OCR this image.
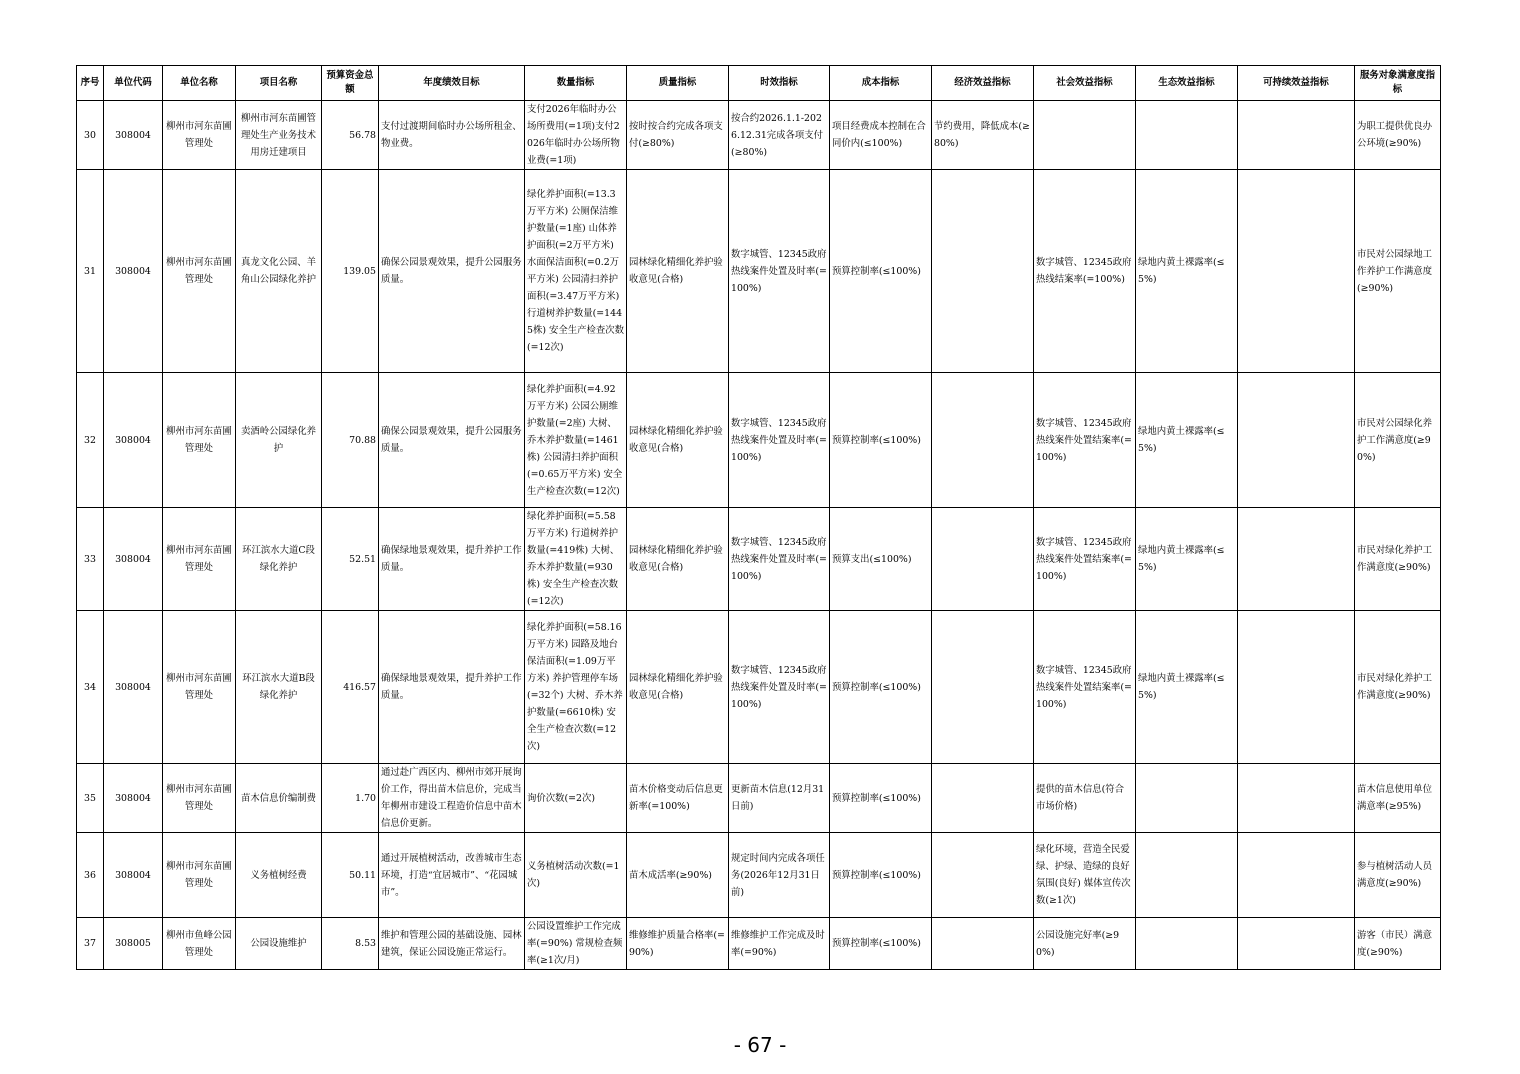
序号	单位代码	单位名称	项目名称	预算资金总额	年度绩效目标	数量指标	质量指标	时效指标	成本指标	经济效益指标	社会效益指标	生态效益指标	可持续效益指标	服务对象满意度指标
30	308004	柳州市河东苗圃管理处	柳州市河东苗圃管理处生产业务技术用房迁建项目	56.78	支付过渡期间临时办公场所租金、物业费。	支付2026年临时办公场所费用(=1项)支付2026年临时办公场所物业费(=1项)	按时按合约完成各项支付(≥80%)	按合约2026.1.1-2026.12.31完成各项支付(≥80%)	项目经费成本控制在合同价内(≤100%)	节约费用，降低成本(≥80%)				为职工提供优良办公环境(≥90%)
31	308004	柳州市河东苗圃管理处	真龙文化公园、羊角山公园绿化养护	139.05	确保公园景观效果，提升公园服务质量。	绿化养护面积(=13.3万平方米) 公厕保洁维护数量(=1座) 山体养护面积(=2万平方米) 水面保洁面积(=0.2万平方米) 公园清扫养护面积(=3.47万平方米) 行道树养护数量(=1445株) 安全生产检查次数(=12次)	园林绿化精细化养护验收意见(合格)	数字城管、12345政府热线案件处置及时率(=100%)	预算控制率(≤100%)		数字城管、12345政府热线结案率(=100%)	绿地内黄土裸露率(≤5%)		市民对公园绿地工作养护工作满意度(≥90%)
32	308004	柳州市河东苗圃管理处	卖酒岭公园绿化养护	70.88	确保公园景观效果，提升公园服务质量。	绿化养护面积(=4.92万平方米) 公园公厕维护数量(=2座) 大树、乔木养护数量(=1461株) 公园清扫养护面积(=0.65万平方米) 安全生产检查次数(=12次)	园林绿化精细化养护验收意见(合格)	数字城管、12345政府热线案件处置及时率(=100%)	预算控制率(≤100%)		数字城管、12345政府热线案件处置结案率(=100%)	绿地内黄土裸露率(≤5%)		市民对公园绿化养护工作满意度(≥90%)
33	308004	柳州市河东苗圃管理处	环江滨水大道C段绿化养护	52.51	确保绿地景观效果，提升养护工作质量。	绿化养护面积(=5.58万平方米) 行道树养护数量(=419株) 大树、乔木养护数量(=930株) 安全生产检查次数(=12次)	园林绿化精细化养护验收意见(合格)	数字城管、12345政府热线案件处置及时率(=100%)	预算支出(≤100%)		数字城管、12345政府热线案件处置结案率(=100%)	绿地内黄土裸露率(≤5%)		市民对绿化养护工作满意度(≥90%)
34	308004	柳州市河东苗圃管理处	环江滨水大道B段绿化养护	416.57	确保绿地景观效果，提升养护工作质量。	绿化养护面积(=58.16万平方米) 园路及地台保洁面积(=1.09万平方米) 养护管理停车场(=32个) 大树、乔木养护数量(=6610株) 安全生产检查次数(=12次)	园林绿化精细化养护验收意见(合格)	数字城管、12345政府热线案件处置及时率(=100%)	预算控制率(≤100%)		数字城管、12345政府热线案件处置结案率(=100%)	绿地内黄土裸露率(≤5%)		市民对绿化养护工作满意度(≥90%)
35	308004	柳州市河东苗圃管理处	苗木信息价编制费	1.70	通过赴广西区内、柳州市郊开展询价工作，得出苗木信息价，完成当年柳州市建设工程造价信息中苗木信息价更新。	询价次数(=2次)	苗木价格变动后信息更新率(=100%)	更新苗木信息(12月31日前)	预算控制率(≤100%)		提供的苗木信息(符合市场价格)			苗木信息使用单位满意率(≥95%)
36	308004	柳州市河东苗圃管理处	义务植树经费	50.11	通过开展植树活动，改善城市生态环境，打造“宜居城市”、“花园城市”。	义务植树活动次数(=1次)	苗木成活率(≥90%)	规定时间内完成各项任务(2026年12月31日前)	预算控制率(≤100%)		绿化环境，营造全民爱绿、护绿、造绿的良好氛围(良好) 媒体宣传次数(≥1次)			参与植树活动人员满意度(≥90%)
37	308005	柳州市鱼峰公园管理处	公园设施维护	8.53	维护和管理公园的基础设施、园林建筑，保证公园设施正常运行。	公园设置维护工作完成率(=90%) 常规检查频率(≥1次/月)	维修维护质量合格率(=90%)	维修维护工作完成及时率(=90%)	预算控制率(≤100%)		公园设施完好率(≥90%)			游客（市民）满意度(≥90%)
- 67 -
